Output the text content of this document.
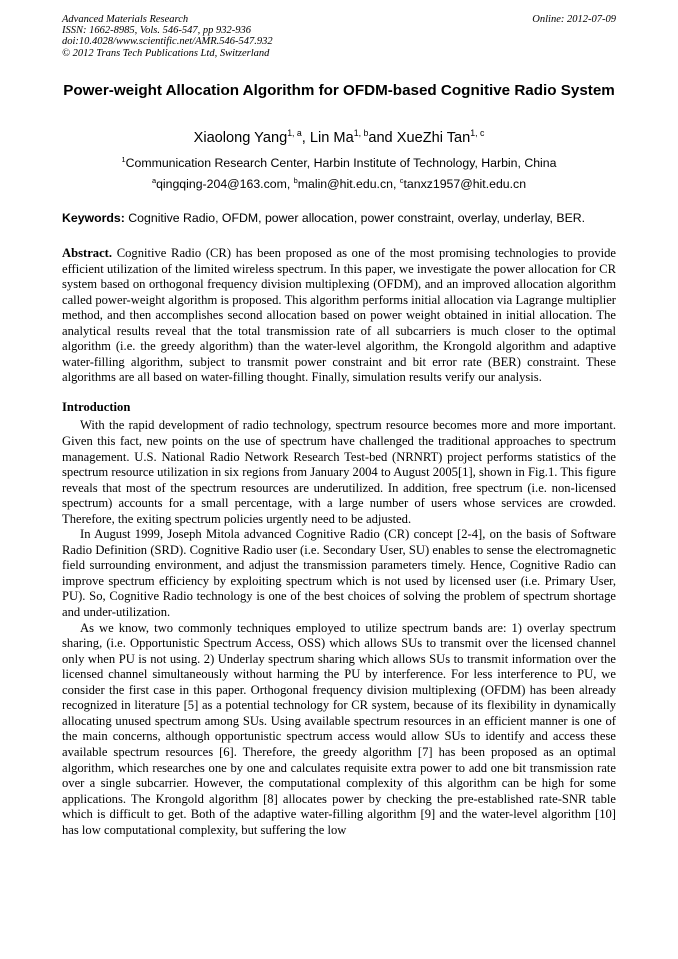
Advanced Materials Research
ISSN: 1662-8985, Vols. 546-547, pp 932-936
doi:10.4028/www.scientific.net/AMR.546-547.932
© 2012 Trans Tech Publications Ltd, Switzerland
Online: 2012-07-09
Power-weight Allocation Algorithm for OFDM-based Cognitive Radio System
Xiaolong Yang$^{1, a}$, Lin Ma$^{1, b}$and XueZhi Tan$^{1, c}$
$^1$Communication Research Center, Harbin Institute of Technology, Harbin, China
$^a$qingqing-204@163.com, $^b$malin@hit.edu.cn, $^c$tanxz1957@hit.edu.cn
Keywords: Cognitive Radio, OFDM, power allocation, power constraint, overlay, underlay, BER.

Abstract. Cognitive Radio (CR) has been proposed as one of the most promising technologies to provide efficient utilization of the limited wireless spectrum. In this paper, we investigate the power allocation for CR system based on orthogonal frequency division multiplexing (OFDM), and an improved allocation algorithm called power-weight algorithm is proposed. This algorithm performs initial allocation via Lagrange multiplier method, and then accomplishes second allocation based on power weight obtained in initial allocation. The analytical results reveal that the total transmission rate of all subcarriers is much closer to the optimal algorithm (i.e. the greedy algorithm) than the water-level algorithm, the Krongold algorithm and adaptive water-filling algorithm, subject to transmit power constraint and bit error rate (BER) constraint. These algorithms are all based on water-filling thought. Finally, simulation results verify our analysis.

Introduction

With the rapid development of radio technology, spectrum resource becomes more and more important. Given this fact, new points on the use of spectrum have challenged the traditional approaches to spectrum management. U.S. National Radio Network Research Test-bed (NRNRT) project performs statistics of the spectrum resource utilization in six regions from January 2004 to August 2005[1], shown in Fig.1. This figure reveals that most of the spectrum resources are underutilized. In addition, free spectrum (i.e. non-licensed spectrum) accounts for a small percentage, with a large number of users whose services are crowded. Therefore, the exiting spectrum policies urgently need to be adjusted.

In August 1999, Joseph Mitola advanced Cognitive Radio (CR) concept [2-4], on the basis of Software Radio Definition (SRD). Cognitive Radio user (i.e. Secondary User, SU) enables to sense the electromagnetic field surrounding environment, and adjust the transmission parameters timely. Hence, Cognitive Radio can improve spectrum efficiency by exploiting spectrum which is not used by licensed user (i.e. Primary User, PU). So, Cognitive Radio technology is one of the best choices of solving the problem of spectrum shortage and under-utilization.

As we know, two commonly techniques employed to utilize spectrum bands are: 1) overlay spectrum sharing, (i.e. Opportunistic Spectrum Access, OSS) which allows SUs to transmit over the licensed channel only when PU is not using. 2) Underlay spectrum sharing which allows SUs to transmit information over the licensed channel simultaneously without harming the PU by interference. For less interference to PU, we consider the first case in this paper. Orthogonal frequency division multiplexing (OFDM) has been already recognized in literature [5] as a potential technology for CR system, because of its flexibility in dynamically allocating unused spectrum among SUs. Using available spectrum resources in an efficient manner is one of the main concerns, although opportunistic spectrum access would allow SUs to identify and access these available spectrum resources [6]. Therefore, the greedy algorithm [7] has been proposed as an optimal algorithm, which researches one by one and calculates requisite extra power to add one bit transmission rate over a single subcarrier. However, the computational complexity of this algorithm can be high for some applications. The Krongold algorithm [8] allocates power by checking the pre-established rate-SNR table which is difficult to get. Both of the adaptive water-filling algorithm [9] and the water-level algorithm [10] has low computational complexity, but suffering the low
